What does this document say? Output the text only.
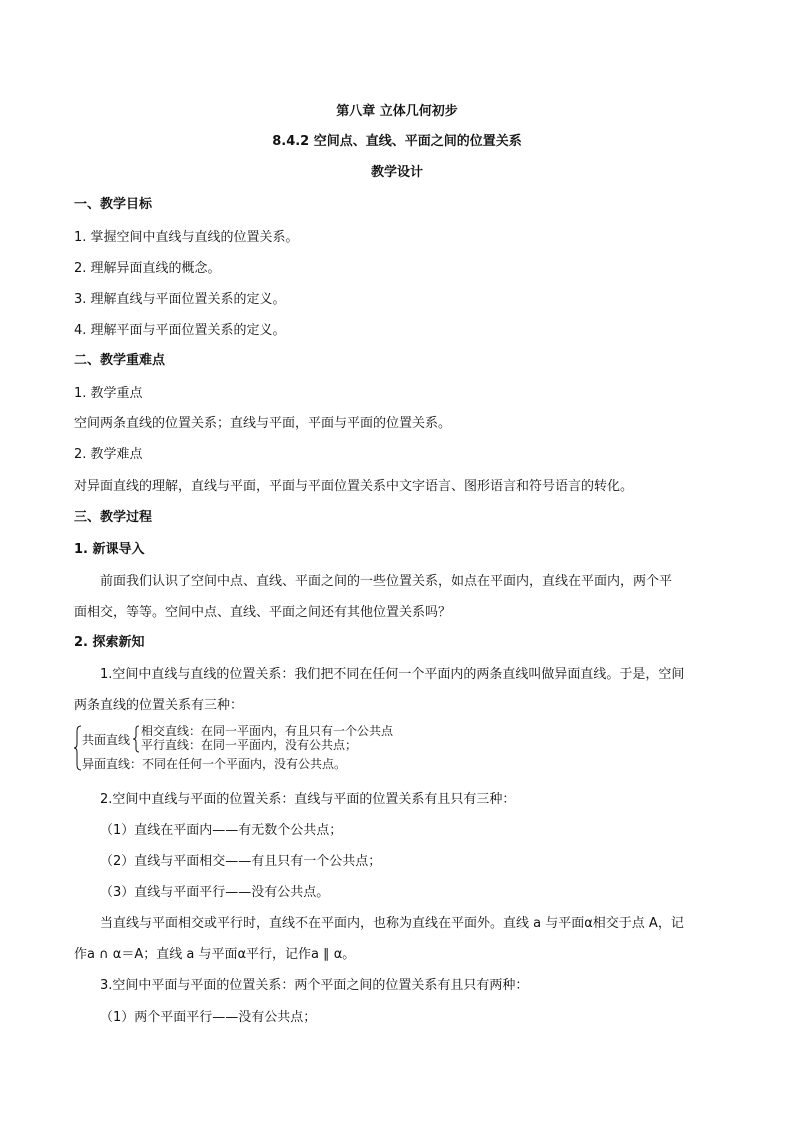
第八章 立体几何初步
8.4.2 空间点、直线、平面之间的位置关系
教学设计
一、教学目标
1. 掌握空间中直线与直线的位置关系。
2. 理解异面直线的概念。
3. 理解直线与平面位置关系的定义。
4. 理解平面与平面位置关系的定义。
二、教学重难点
1. 教学重点
空间两条直线的位置关系；直线与平面，平面与平面的位置关系。
2. 教学难点
对异面直线的理解，直线与平面，平面与平面位置关系中文字语言、图形语言和符号语言的转化。
三、教学过程
1. 新课导入
前面我们认识了空间中点、直线、平面之间的一些位置关系，如点在平面内，直线在平面内，两个平
面相交，等等。空间中点、直线、平面之间还有其他位置关系吗？
2. 探索新知
1.空间中直线与直线的位置关系：我们把不同在任何一个平面内的两条直线叫做异面直线。于是，空间
两条直线的位置关系有三种：
共面直线
相交直线：在同一平面内，有且只有一个公共点
平行直线：在同一平面内，没有公共点；
异面直线：不同在任何一个平面内，没有公共点。
2.空间中直线与平面的位置关系：直线与平面的位置关系有且只有三种：
（1）直线在平面内——有无数个公共点；
（2）直线与平面相交——有且只有一个公共点；
（3）直线与平面平行——没有公共点。
当直线与平面相交或平行时，直线不在平面内，也称为直线在平面外。直线 a 与平面α相交于点 A，记
作a ∩ α＝A；直线 a 与平面α平行，记作a ∥ α。
3.空间中平面与平面的位置关系：两个平面之间的位置关系有且只有两种：
（1）两个平面平行——没有公共点；
